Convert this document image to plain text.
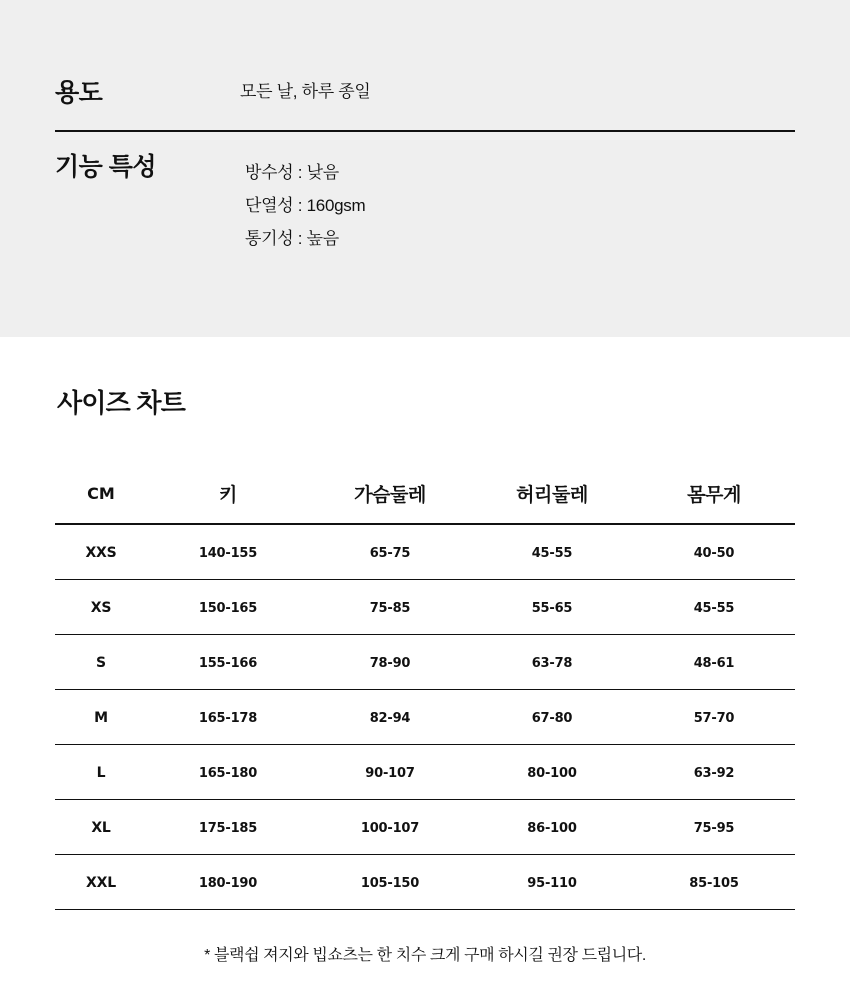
용도	모든 날, 하루 종일
기능 특성	방수성 : 낮음
단열성 : 160gsm
통기성 : 높음
사이즈 차트
CM	키	가슴둘레	허리둘레	몸무게
XXS	140-155	65-75	45-55	40-50
XS	150-165	75-85	55-65	45-55
S	155-166	78-90	63-78	48-61
M	165-178	82-94	67-80	57-70
L	165-180	90-107	80-100	63-92
XL	175-185	100-107	86-100	75-95
XXL	180-190	105-150	95-110	85-105
* 블랙쉽 져지와 빕쇼츠는 한 치수 크게 구매 하시길 권장 드립니다.
